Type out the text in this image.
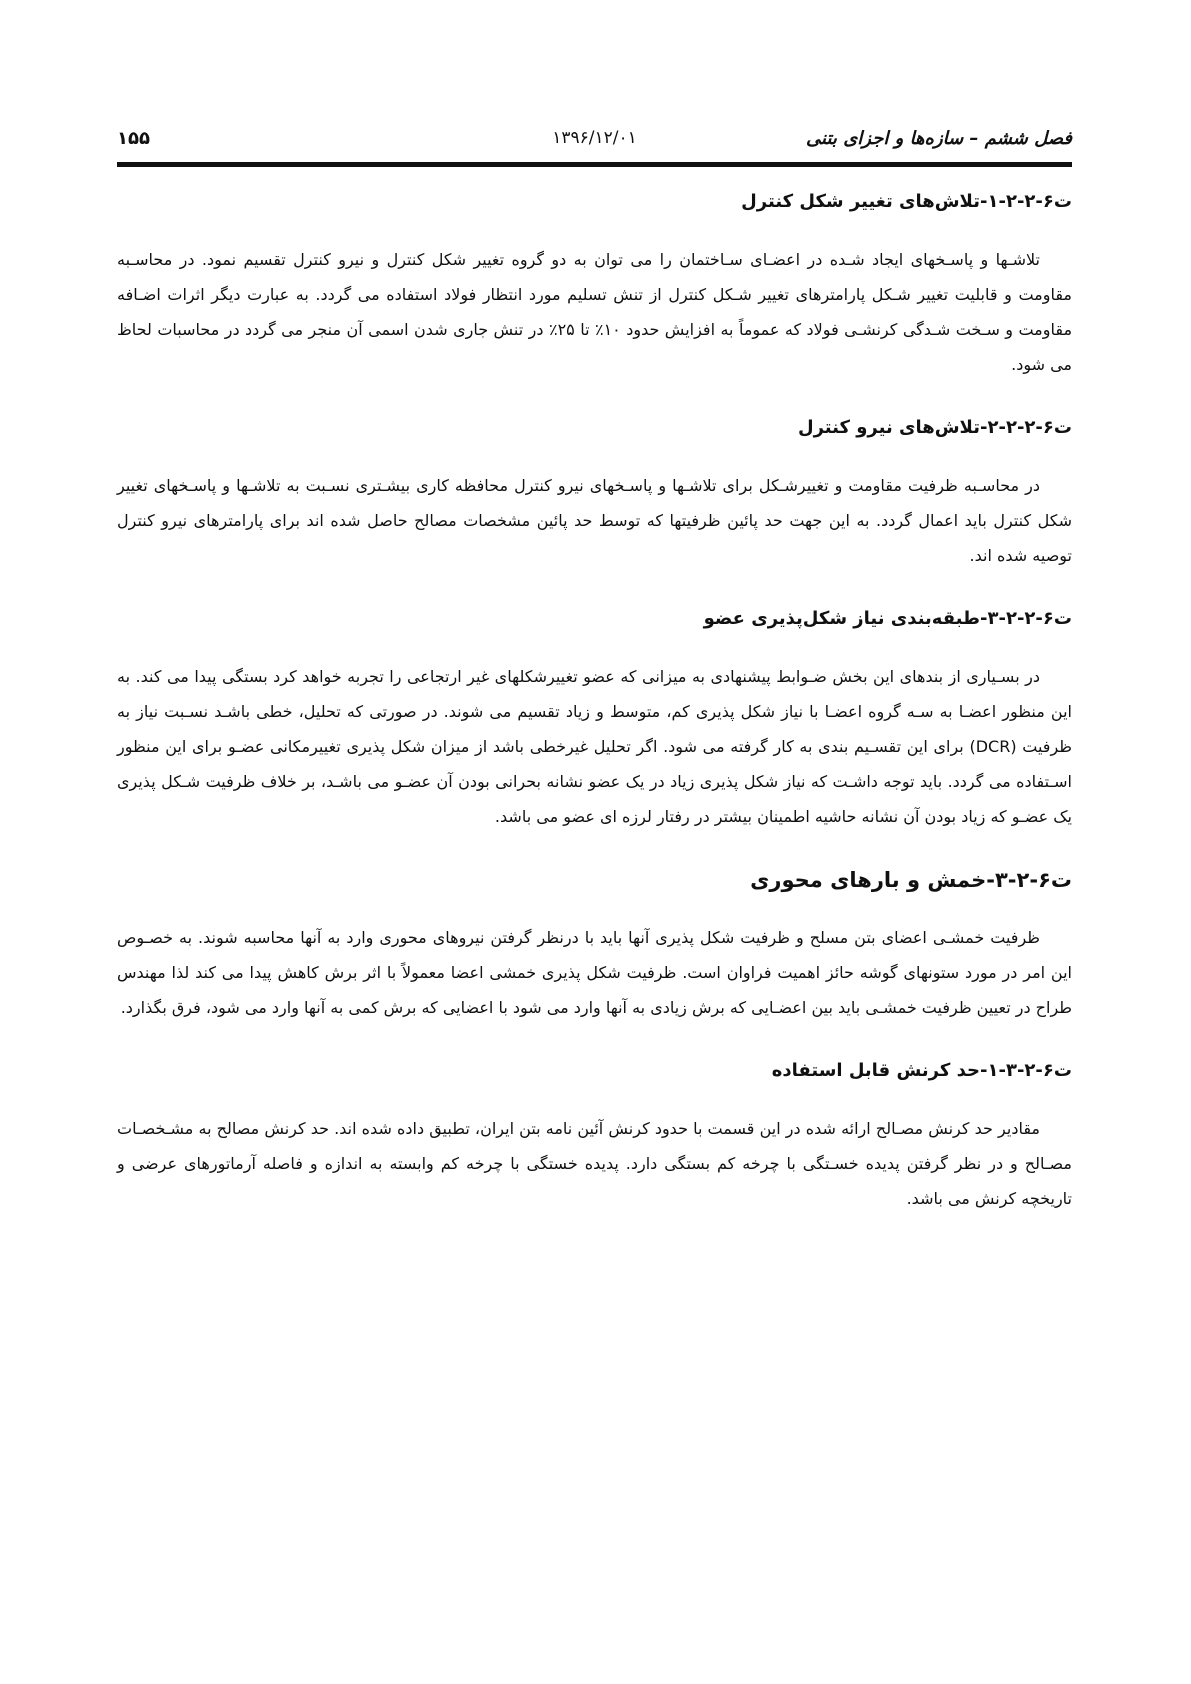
فصل ششم – سازه‌ها و اجزای بتنی
۱۳۹۶/۱۲/۰۱
۱۵۵
ت۶-۲-۲-۱-تلاش‌های تغییر شکل کنترل

تلاشـها و پاسـخهای ایجاد شـده در اعضـای سـاختمان را می توان به دو گروه تغییر شکل کنترل و نیرو کنترل تقسیم نمود. در محاسـبه مقاومت و قابلیت تغییر شـکل پارامترهای تغییر شـکل کنترل از تنش تسلیم مورد انتظار فولاد استفاده می گردد. به عبارت دیگر اثرات اضـافه مقاومت و سـخت شـدگی کرنشـی فولاد که عموماً به افزایش حدود ۱۰٪ تا ۲۵٪ در تنش جاری شدن اسمی آن منجر می گردد در محاسبات لحاظ می شود.

ت۶-۲-۲-۲-تلاش‌های نیرو کنترل

در محاسـبه ظرفیت مقاومت و تغییرشـکل برای تلاشـها و پاسـخهای نیرو کنترل محافظه کاری بیشـتری نسـبت به تلاشـها و پاسـخهای تغییر شکل کنترل باید اعمال گردد. به این جهت حد پائین ظرفیتها که توسط حد پائین مشخصات مصالح حاصل شده اند برای پارامترهای نیرو کنترل توصیه شده اند.

ت۶-۲-۲-۳-طبقه‌بندی نیاز شکل‌پذیری عضو

در بسـیاری از بندهای این بخش ضـوابط پیشنهادی به میزانی که عضو تغییرشکلهای غیر ارتجاعی را تجربه خواهد کرد بستگی پیدا می کند. به این منظور اعضـا به سـه گروه اعضـا با نیاز شکل پذیری کم، متوسط و زیاد تقسیم می شوند. در صورتی که تحلیل، خطی باشـد نسـبت نیاز به ظرفیت (DCR) برای این تقسـیم بندی به کار گرفته می شود. اگر تحلیل غیرخطی باشد از میزان شکل پذیری تغییرمکانی عضـو برای این منظور اسـتفاده می گردد. باید توجه داشـت که نیاز شکل پذیری زیاد در یک عضو نشانه بحرانی بودن آن عضـو می باشـد، بر خلاف ظرفیت شـکل پذیری یک عضـو که زیاد بودن آن نشانه حاشیه اطمینان بیشتر در رفتار لرزه ای عضو می باشد.

ت۶-۲-۳-خمش و بارهای محوری

ظرفیت خمشـی اعضای بتن مسلح و ظرفیت شکل پذیری آنها باید با درنظر گرفتن نیروهای محوری وارد به آنها محاسبه شوند. به خصـوص این امر در مورد ستونهای گوشه حائز اهمیت فراوان است. ظرفیت شکل پذیری خمشی اعضا معمولاً با اثر برش کاهش پیدا می کند لذا مهندس طراح در تعیین ظرفیت خمشـی باید بین اعضـایی که برش زیادی به آنها وارد می شود با اعضایی که برش کمی به آنها وارد می شود، فرق بگذارد.

ت۶-۲-۳-۱-حد کرنش قابل استفاده

مقادیر حد کرنش مصـالح ارائه شده در این قسمت با حدود کرنش آئین نامه بتن ایران، تطبیق داده شده اند. حد کرنش مصالح به مشـخصـات مصـالح و در نظر گرفتن پدیده خسـتگی با چرخه کم بستگی دارد. پدیده خستگی با چرخه کم وابسته به اندازه و فاصله آرماتورهای عرضی و تاریخچه کرنش می باشد.
